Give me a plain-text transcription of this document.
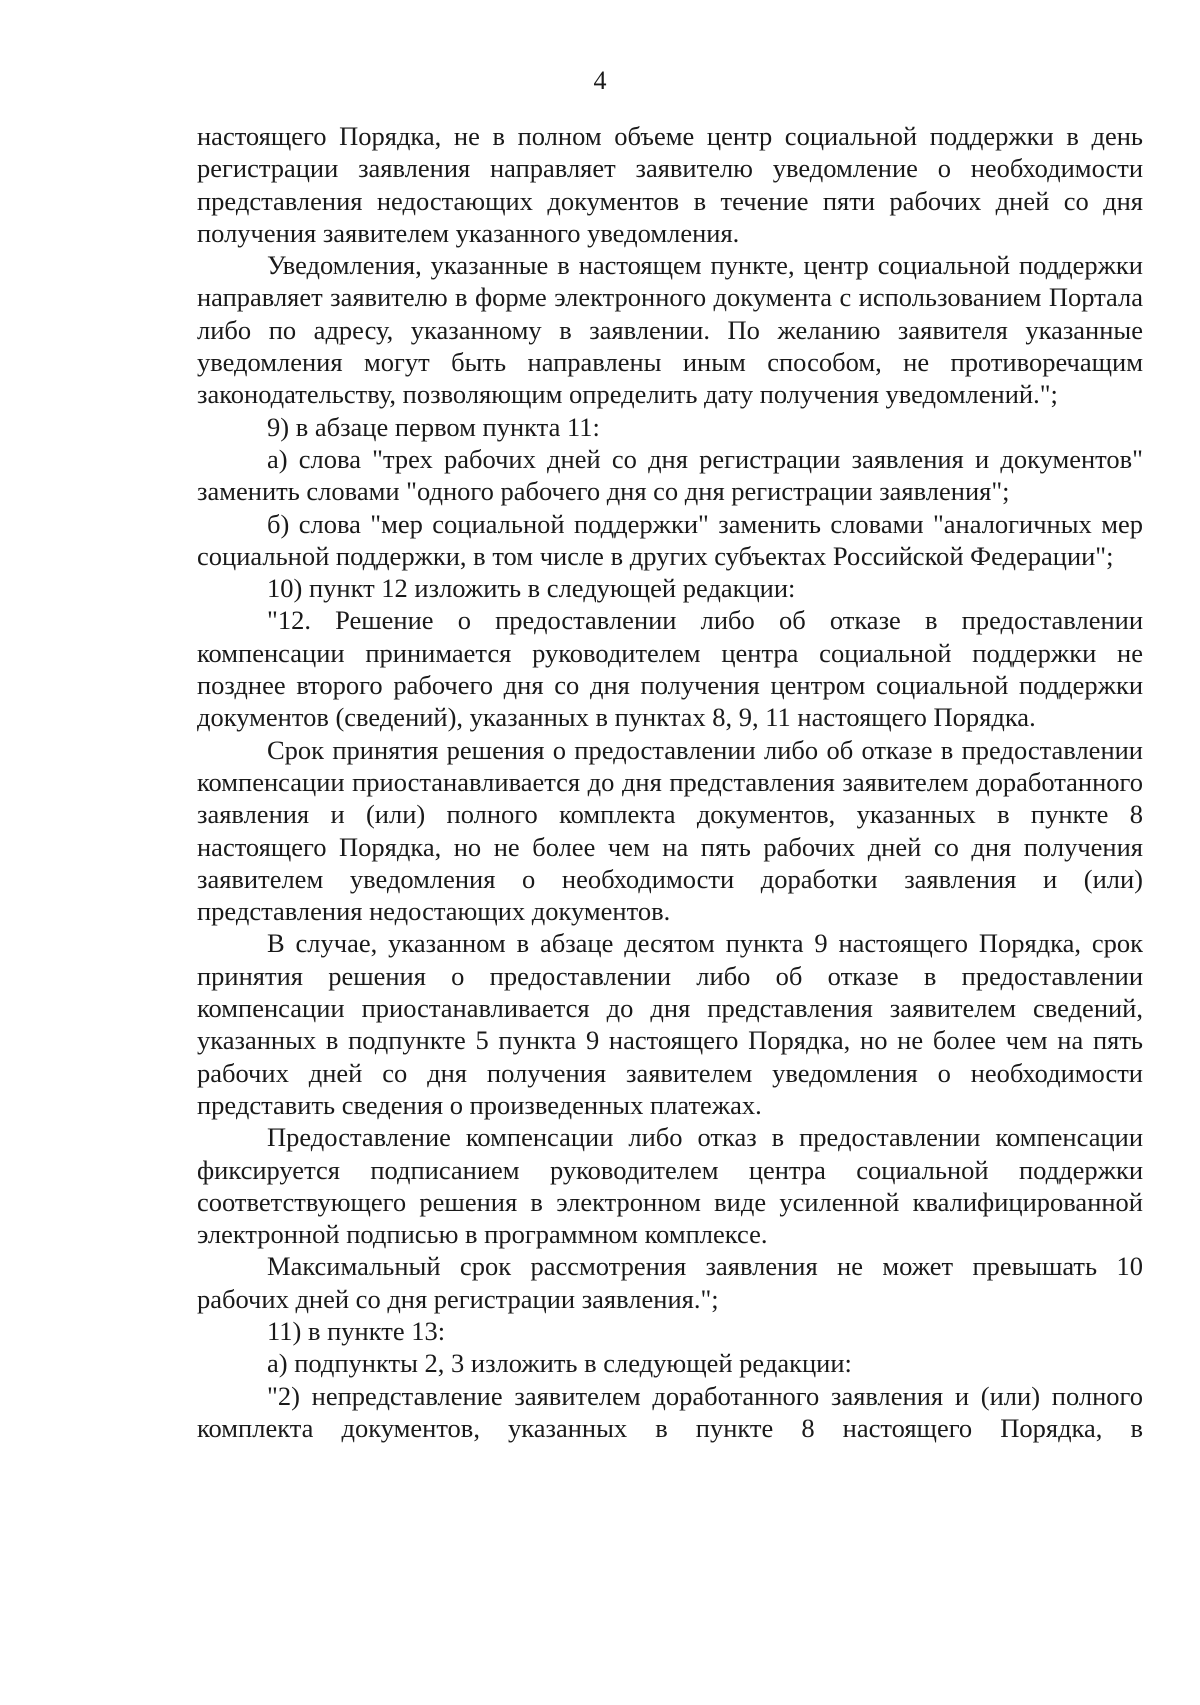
4

настоящего Порядка, не в полном объеме центр социальной поддержки в день регистрации заявления направляет заявителю уведомление о необходимости представления недостающих документов в течение пяти рабочих дней со дня получения заявителем указанного уведомления.

Уведомления, указанные в настоящем пункте, центр социальной поддержки направляет заявителю в форме электронного документа с использованием Портала либо по адресу, указанному в заявлении. По желанию заявителя указанные уведомления могут быть направлены иным способом, не противоречащим законодательству, позволяющим определить дату получения уведомлений.";

9) в абзаце первом пункта 11:

а) слова "трех рабочих дней со дня регистрации заявления и документов" заменить словами "одного рабочего дня со дня регистрации заявления";

б) слова "мер социальной поддержки" заменить словами "аналогичных мер социальной поддержки, в том числе в других субъектах Российской Федерации";

10) пункт 12 изложить в следующей редакции:

"12. Решение о предоставлении либо об отказе в предоставлении компенсации принимается руководителем центра социальной поддержки не позднее второго рабочего дня со дня получения центром социальной поддержки документов (сведений), указанных в пунктах 8, 9, 11 настоящего Порядка.

Срок принятия решения о предоставлении либо об отказе в предоставлении компенсации приостанавливается до дня представления заявителем доработанного заявления и (или) полного комплекта документов, указанных в пункте 8 настоящего Порядка, но не более чем на пять рабочих дней со дня получения заявителем уведомления о необходимости доработки заявления и (или) представления недостающих документов.

В случае, указанном в абзаце десятом пункта 9 настоящего Порядка, срок принятия решения о предоставлении либо об отказе в предоставлении компенсации приостанавливается до дня представления заявителем сведений, указанных в подпункте 5 пункта 9 настоящего Порядка, но не более чем на пять рабочих дней со дня получения заявителем уведомления о необходимости представить сведения о произведенных платежах.

Предоставление компенсации либо отказ в предоставлении компенсации фиксируется подписанием руководителем центра социальной поддержки соответствующего решения в электронном виде усиленной квалифицированной электронной подписью в программном комплексе.

Максимальный срок рассмотрения заявления не может превышать 10 рабочих дней со дня регистрации заявления.";

11) в пункте 13:

а) подпункты 2, 3 изложить в следующей редакции:

"2) непредставление заявителем доработанного заявления и (или) полного комплекта документов, указанных в пункте 8 настоящего Порядка, в
